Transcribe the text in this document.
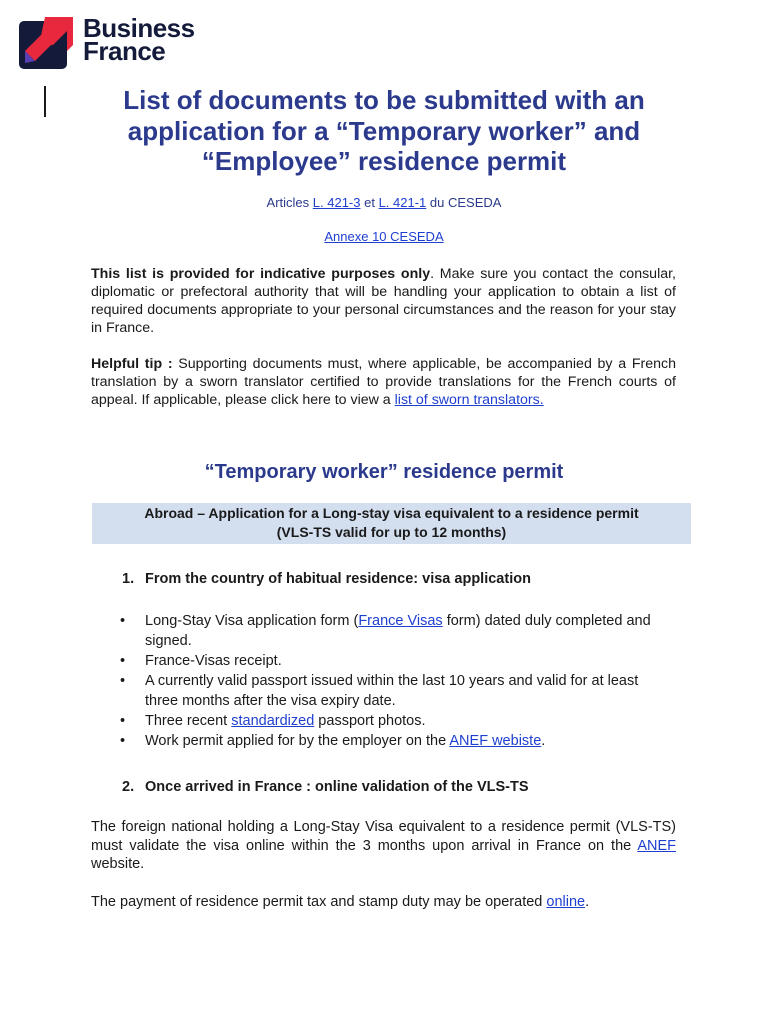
Business
France
List of documents to be submitted with an application for a “Temporary worker” and “Employee” residence permit
Articles L. 421-3 et L. 421-1 du CESEDA
Annexe 10 CESEDA

This list is provided for indicative purposes only. Make sure you contact the consular, diplomatic or prefectoral authority that will be handling your application to obtain a list of required documents appropriate to your personal circumstances and the reason for your stay in France.

Helpful tip : Supporting documents must, where applicable, be accompanied by a French translation by a sworn translator certified to provide translations for the French courts of appeal. If applicable, please click here to view a list of sworn translators.

“Temporary worker” residence permit
Abroad – Application for a Long-stay visa equivalent to a residence permit
(VLS-TS valid for up to 12 months)
1. From the country of habitual residence: visa application
• Long-Stay Visa application form (France Visas form) dated duly completed and signed.
• France-Visas receipt.
• A currently valid passport issued within the last 10 years and valid for at least three months after the visa expiry date.
• Three recent standardized passport photos.
• Work permit applied for by the employer on the ANEF webiste.
2. Once arrived in France : online validation of the VLS-TS

The foreign national holding a Long-Stay Visa equivalent to a residence permit (VLS-TS) must validate the visa online within the 3 months upon arrival in France on the ANEF website.

The payment of residence permit tax and stamp duty may be operated online.
